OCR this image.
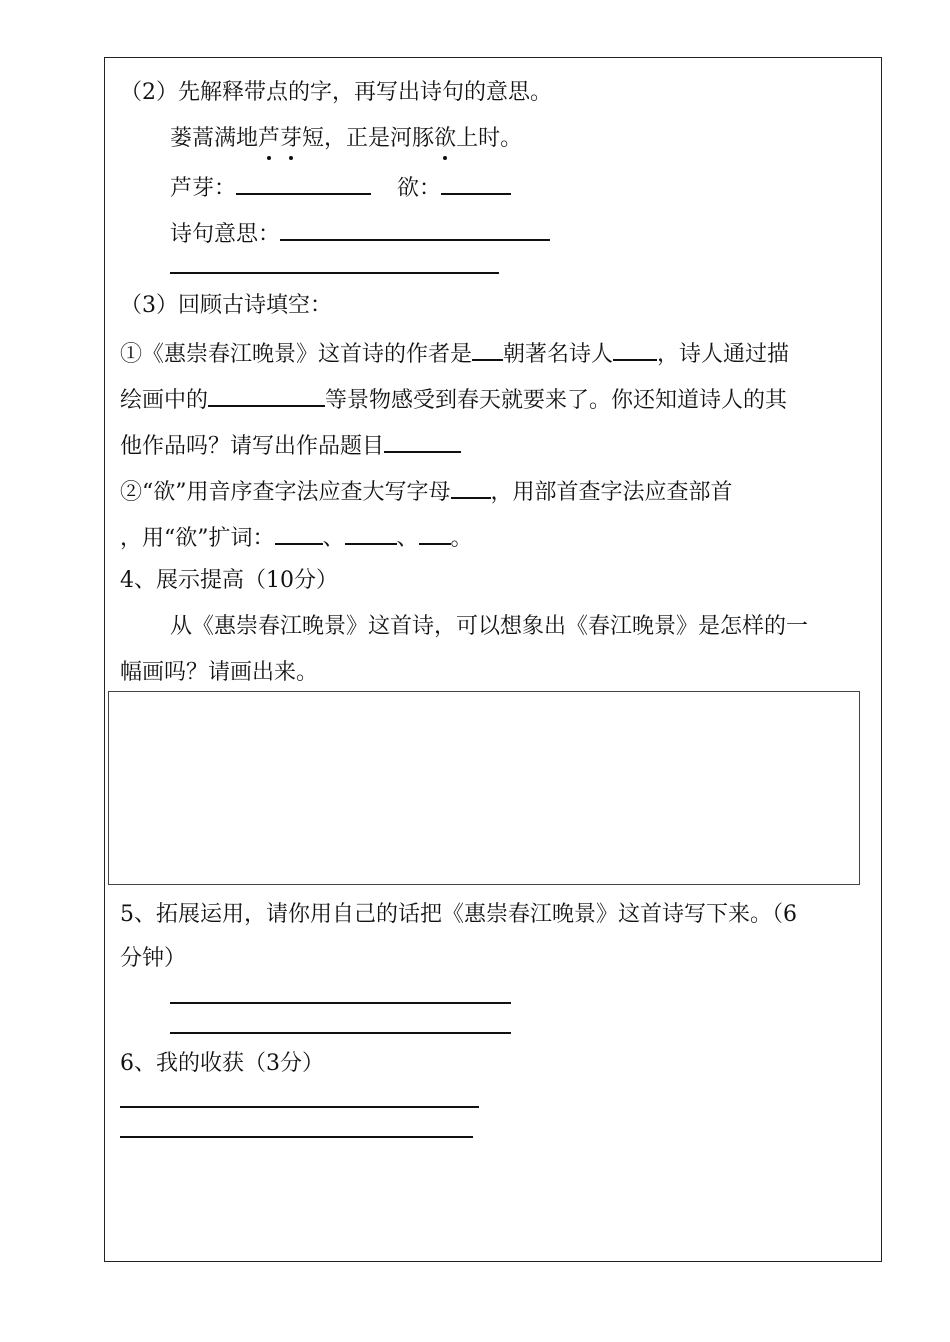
（2）先解释带点的字，再写出诗句的意思。
蒌蒿满地芦芽短，正是河豚欲上时。
芦芽：	欲：
诗句意思：
（3）回顾古诗填空：
①《惠崇春江晚景》这首诗的作者是 朝著名诗人 ，诗人通过描
绘画中的	等景物感受到春天就要来了。你还知道诗人的其
他作品吗？请写出作品题目
②“欲”用音序查字法应查大写字母 ，用部首查字法应查部首
，用“欲”扩词： 、 、 。
4、展示提高（10分）
从《惠崇春江晚景》这首诗，可以想象出《春江晚景》是怎样的一
幅画吗？请画出来。
5、拓展运用，请你用自己的话把《惠崇春江晚景》这首诗写下来。（6
分钟）
6、我的收获（3分）
